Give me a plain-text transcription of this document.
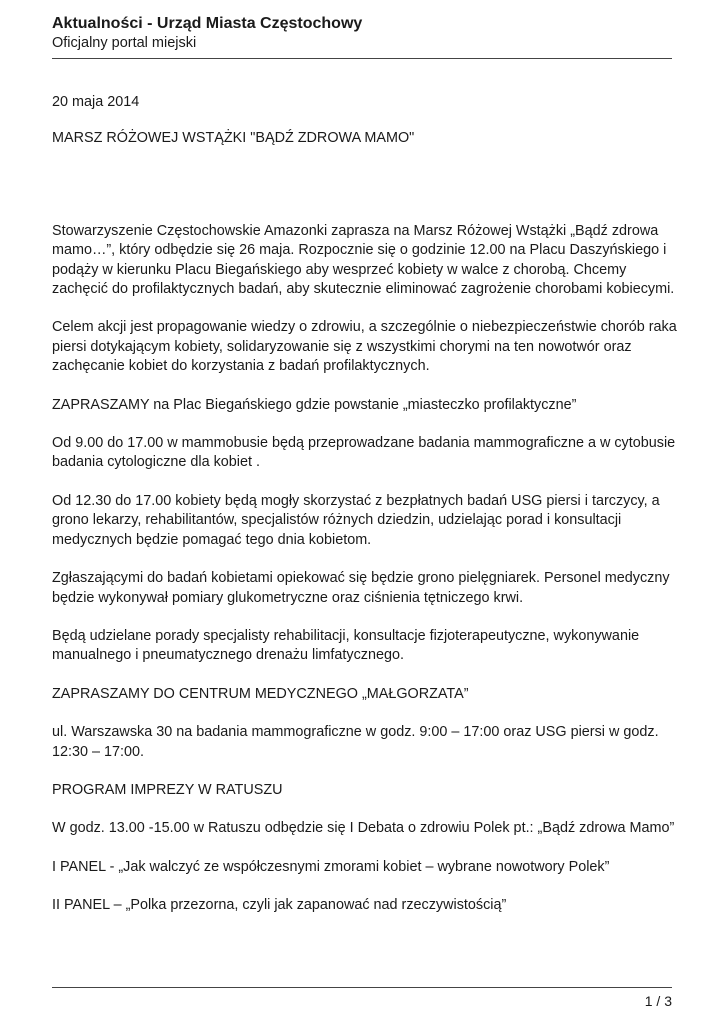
Aktualności - Urząd Miasta Częstochowy

Oficjalny portal miejski

20 maja 2014

MARSZ RÓŻOWEJ WSTĄŻKI "BĄDŹ ZDROWA MAMO"

Stowarzyszenie Częstochowskie Amazonki zaprasza na Marsz Różowej Wstążki „Bądź zdrowa mamo…”, który odbędzie się 26 maja. Rozpocznie się o godzinie 12.00 na Placu Daszyńskiego i podąży w kierunku Placu Biegańskiego aby wesprzeć kobiety w walce z chorobą. Chcemy zachęcić do profilaktycznych badań, aby skutecznie eliminować zagrożenie chorobami kobiecymi.

Celem akcji jest propagowanie wiedzy o zdrowiu, a szczególnie o niebezpieczeństwie chorób raka piersi dotykającym kobiety, solidaryzowanie się z wszystkimi chorymi na ten nowotwór oraz zachęcanie kobiet do korzystania z badań profilaktycznych.

ZAPRASZAMY na Plac Biegańskiego gdzie powstanie „miasteczko profilaktyczne”

Od 9.00 do 17.00 w mammobusie będą przeprowadzane badania mammograficzne a w cytobusie badania cytologiczne dla kobiet .

Od 12.30 do 17.00 kobiety będą mogły skorzystać z bezpłatnych badań USG piersi i tarczycy, a grono lekarzy, rehabilitantów, specjalistów różnych dziedzin, udzielając porad i konsultacji medycznych będzie pomagać tego dnia kobietom.

Zgłaszającymi do badań kobietami opiekować się będzie grono pielęgniarek. Personel medyczny będzie wykonywał pomiary glukometryczne oraz ciśnienia tętniczego krwi.

Będą udzielane porady specjalisty rehabilitacji, konsultacje fizjoterapeutyczne, wykonywanie manualnego i pneumatycznego drenażu limfatycznego.

ZAPRASZAMY DO CENTRUM MEDYCZNEGO „MAŁGORZATA”

ul. Warszawska 30 na badania mammograficzne w godz. 9:00 – 17:00 oraz USG piersi w godz. 12:30 – 17:00.

PROGRAM IMPREZY W RATUSZU

W godz. 13.00 -15.00 w Ratuszu odbędzie się I Debata o zdrowiu Polek pt.: „Bądź zdrowa Mamo”

I PANEL - „Jak walczyć ze współczesnymi zmorami kobiet – wybrane nowotwory Polek”

II PANEL – „Polka przezorna, czyli jak zapanować nad rzeczywistością”

1 / 3
